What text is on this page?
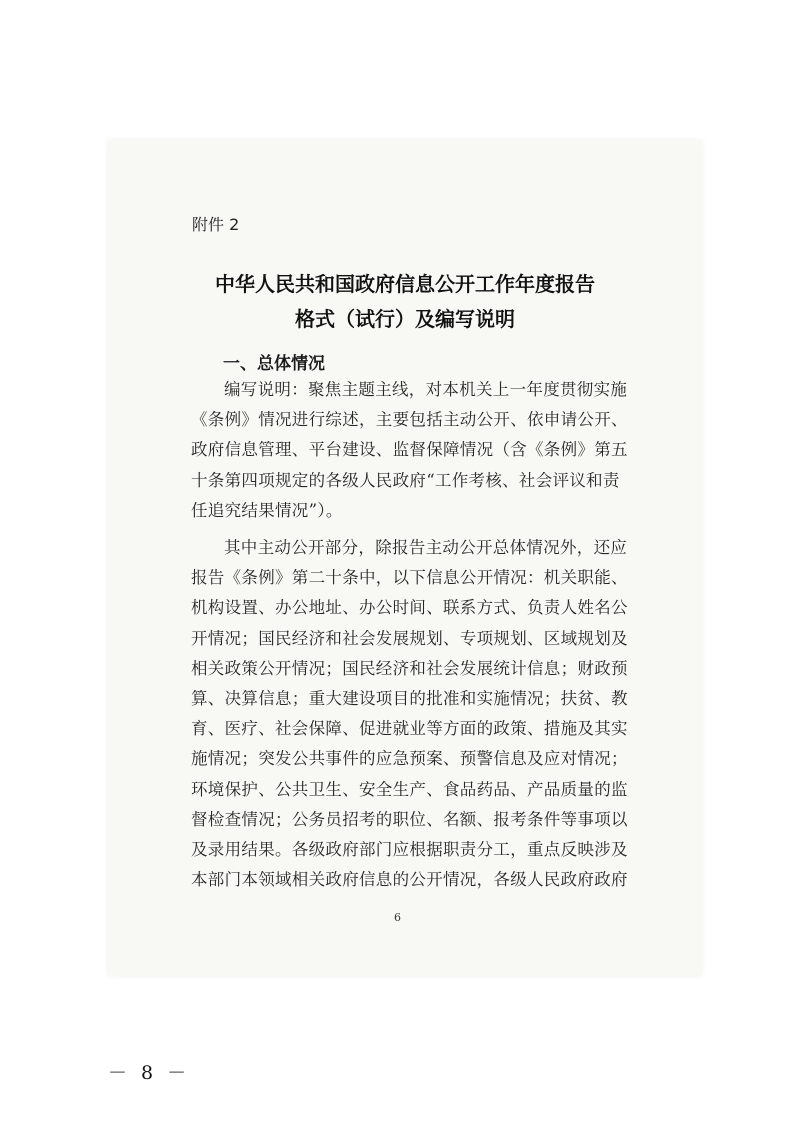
附件 2

中华人民共和国政府信息公开工作年度报告
格式（试行）及编写说明
一、总体情况
编写说明：聚焦主题主线，对本机关上一年度贯彻实施
《条例》情况进行综述，主要包括主动公开、依申请公开、
政府信息管理、平台建设、监督保障情况（含《条例》第五
十条第四项规定的各级人民政府“工作考核、社会评议和责
任追究结果情况”）。
其中主动公开部分，除报告主动公开总体情况外，还应
报告《条例》第二十条中，以下信息公开情况：机关职能、
机构设置、办公地址、办公时间、联系方式、负责人姓名公
开情况；国民经济和社会发展规划、专项规划、区域规划及
相关政策公开情况；国民经济和社会发展统计信息；财政预
算、决算信息；重大建设项目的批准和实施情况；扶贫、教
育、医疗、社会保障、促进就业等方面的政策、措施及其实
施情况；突发公共事件的应急预案、预警信息及应对情况；
环境保护、公共卫生、安全生产、食品药品、产品质量的监
督检查情况；公务员招考的职位、名额、报考条件等事项以
及录用结果。各级政府部门应根据职责分工，重点反映涉及
本部门本领域相关政府信息的公开情况，各级人民政府政府

6

－ 8 －
